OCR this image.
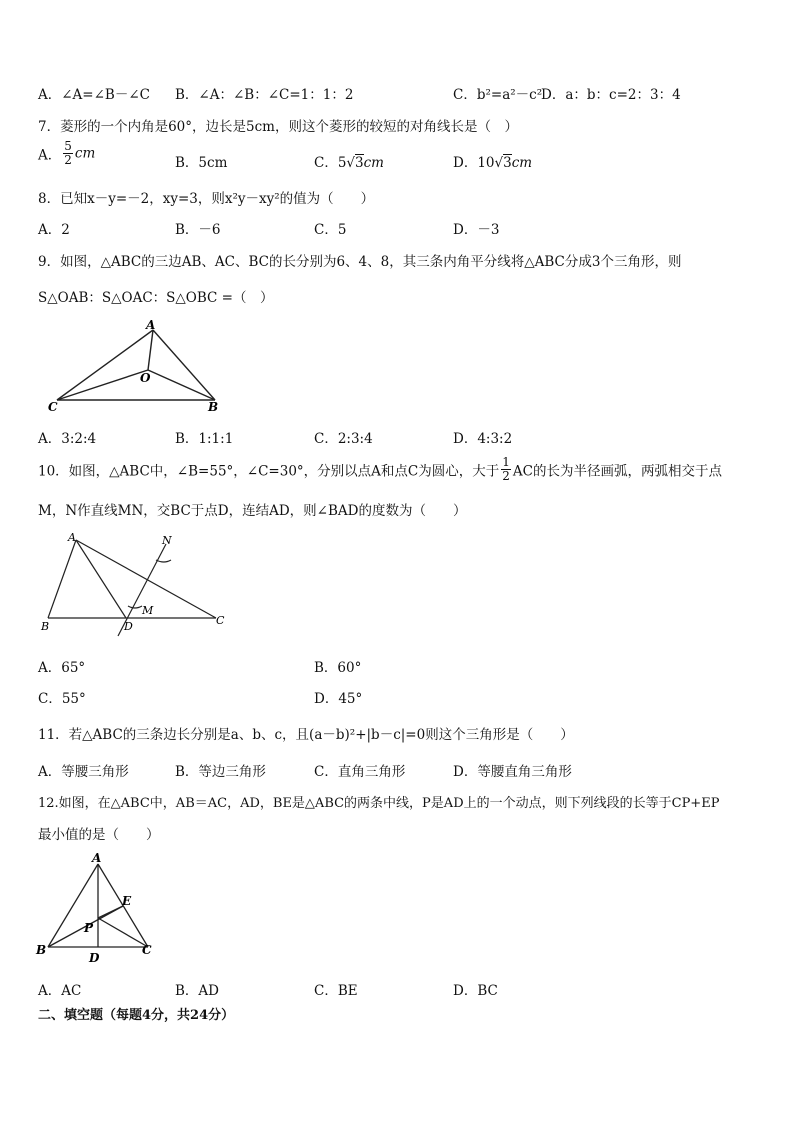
A．∠A=∠B－∠C B．∠A：∠B：∠C=1：1：2	C．b²=a²－c²
D．a：b：c=2：3：4
7．菱形的一个内角是60°，边长是5cm，则这个菱形的较短的对角线长是（　）
A． $\frac{5}{2}$ cm
B．5cm	C．5√3cm	D．10√3cm
8．已知x－y=－2，xy=3，则x²y－xy²的值为（　　）
A．2	B．－6	C．5	D．－3
9．如图，△ABC的三边AB、AC、BC的长分别为6、4、8，其三条内角平分线将△ABC分成3个三角形，则
S△OAB：S△OAC：S△OBC =（　）
A
O
C	B
A．3:2:4	B．1:1:1	C．2:3:4	D．4:3:2
10．如图，△ABC中，∠B=55°，∠C=30°，分别以点A和点C为圆心，大于 $\frac{1}{2}$ AC的长为半径画弧，两弧相交于点
M，N作直线MN，交BC于点D，连结AD，则∠BAD的度数为（　　）
A	N
M
B	D	C
A．65°	B．60°
C．55°	D．45°
11．若△ABC的三条边长分别是a、b、c，且(a－b)²+|b－c|=0则这个三角形是（　　）
A．等腰三角形	B．等边三角形	C．直角三角形	D．等腰直角三角形
12.如图，在△ABC中，AB＝AC，AD，BE是△ABC的两条中线，P是AD上的一个动点，则下列线段的长等于CP+EP
最小值的是（　　）
A
E
P
B
D
C
A．AC	B．AD	C．BE	D．BC
二、填空题（每题4分，共24分）
